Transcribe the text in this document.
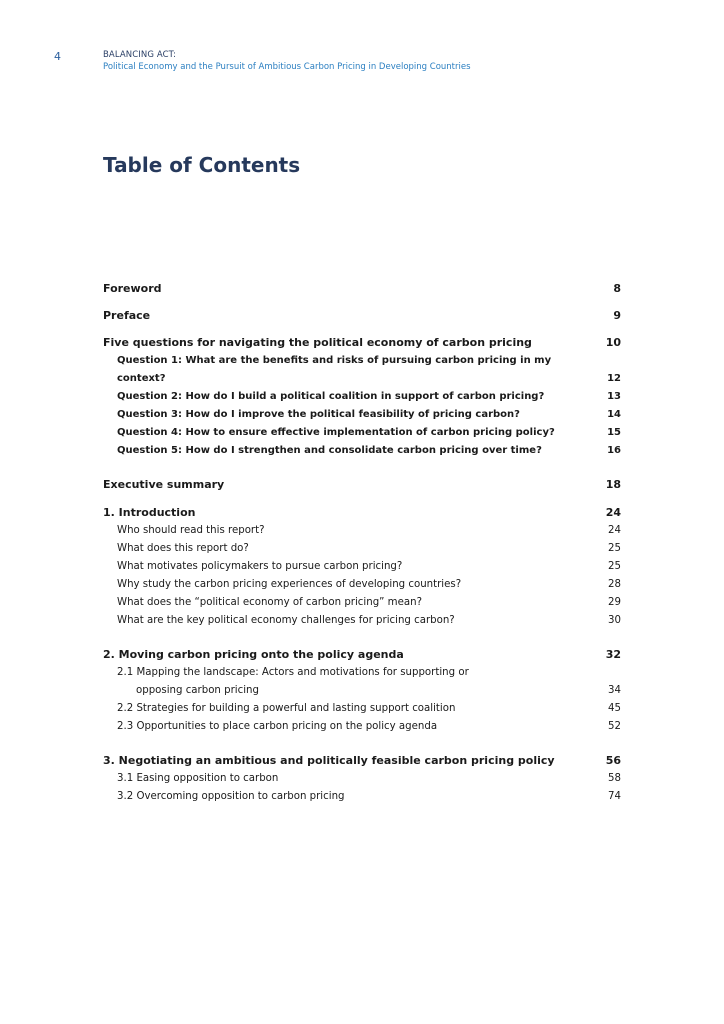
4	BALANCING ACT:
Political Economy and the Pursuit of Ambitious Carbon Pricing in Developing Countries
Table of Contents
Foreword	8
Preface	9
Five questions for navigating the political economy of carbon pricing	10
Question 1: What are the benefits and risks of pursuing carbon pricing in my context?	12
Question 2: How do I build a political coalition in support of carbon pricing?	13
Question 3: How do I improve the political feasibility of pricing carbon?	14
Question 4: How to ensure effective implementation of carbon pricing policy?	15
Question 5: How do I strengthen and consolidate carbon pricing over time?	16
Executive summary	18
1. Introduction	24
Who should read this report?	24
What does this report do?	25
What motivates policymakers to pursue carbon pricing?	25
Why study the carbon pricing experiences of developing countries?	28
What does the “political economy of carbon pricing” mean?	29
What are the key political economy challenges for pricing carbon?	30
2. Moving carbon pricing onto the policy agenda	32
2.1 Mapping the landscape: Actors and motivations for supporting or
opposing carbon pricing	34
2.2 Strategies for building a powerful and lasting support coalition	45
2.3 Opportunities to place carbon pricing on the policy agenda	52
3. Negotiating an ambitious and politically feasible carbon pricing policy	56
3.1 Easing opposition to carbon	58
3.2 Overcoming opposition to carbon pricing	74
